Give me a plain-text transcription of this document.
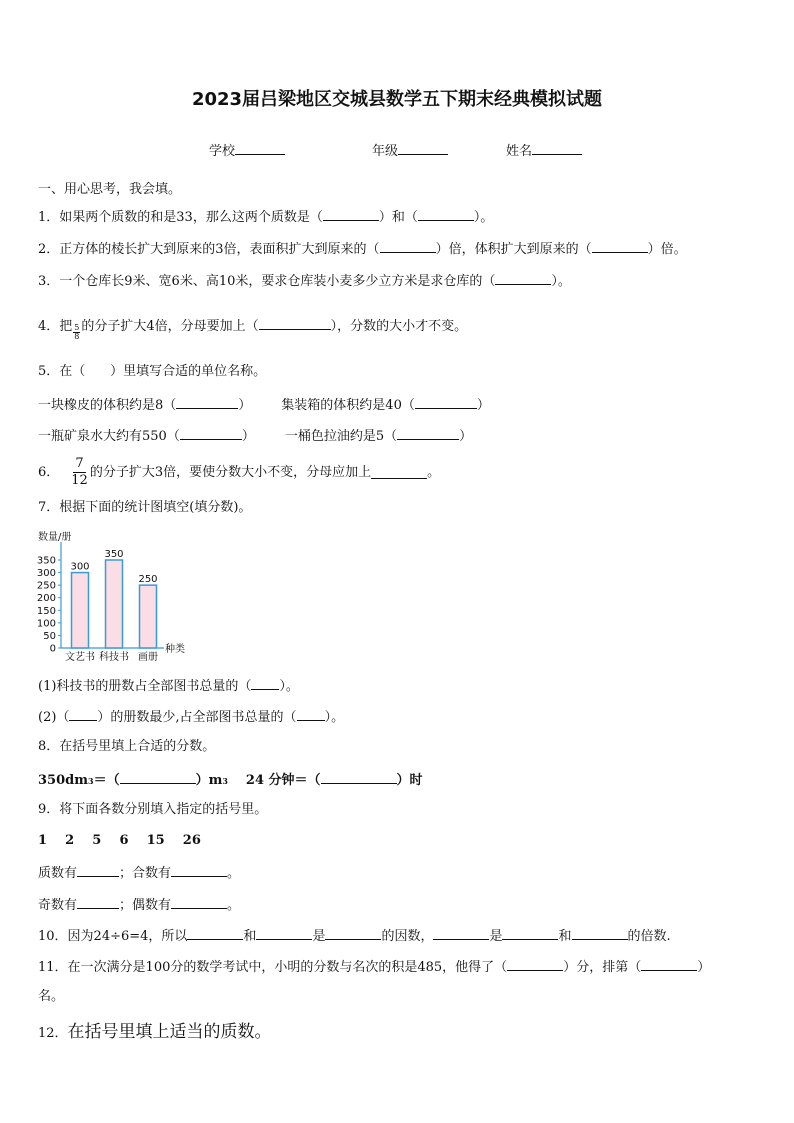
2023届吕梁地区交城县数学五下期末经典模拟试题
学校	年级	姓名
一、用心思考，我会填。
1． 如果两个质数的和是33，那么这两个质数是（	）和（	）。
2． 正方体的棱长扩大到原来的3倍，表面积扩大到原来的（	）倍，体积扩大到原来的（	）倍。
3． 一个仓库长9米、宽6米、高10米，要求仓库装小麦多少立方米是求仓库的（	）。
4． 把 $\frac{5}{8}$ 的分子扩大4倍，分母要加上（	），分数的大小才不变。
5． 在（      ）里填写合适的单位名称。
一块橡皮的体积约是8（	） 集装箱的体积约是40（	）
一瓶矿泉水大约有550（	） 一桶色拉油约是5（	）
6． $\frac{7}{12}$ 的分子扩大3倍，要使分数大小不变，分母应加上	。
7． 根据下面的统计图填空(填分数)。
数量/册
0
50
100
150
200
250
300
350
300
文艺书
350
科技书
250
画册
种类
(1)科技书的册数占全部图书总量的（ ）。
(2)（ ）的册数最少,占全部图书总量的（ ）。
8． 在括号里填上合适的分数。
350dm 3 ＝（	）m 3 24 分钟＝（	）时
9． 将下面各数分别填入指定的括号里。
1    2    5    6    15    26
质数有	；合数有	。
奇数有	；偶数有	。
10． 因为24÷6=4，所以	和	是	的因数，	是	和	的倍数.
11． 在一次满分是100分的数学考试中，小明的分数与名次的积是485，他得了（	）分，排第（	）
名。
12． 在括号里填上适当的质数。
